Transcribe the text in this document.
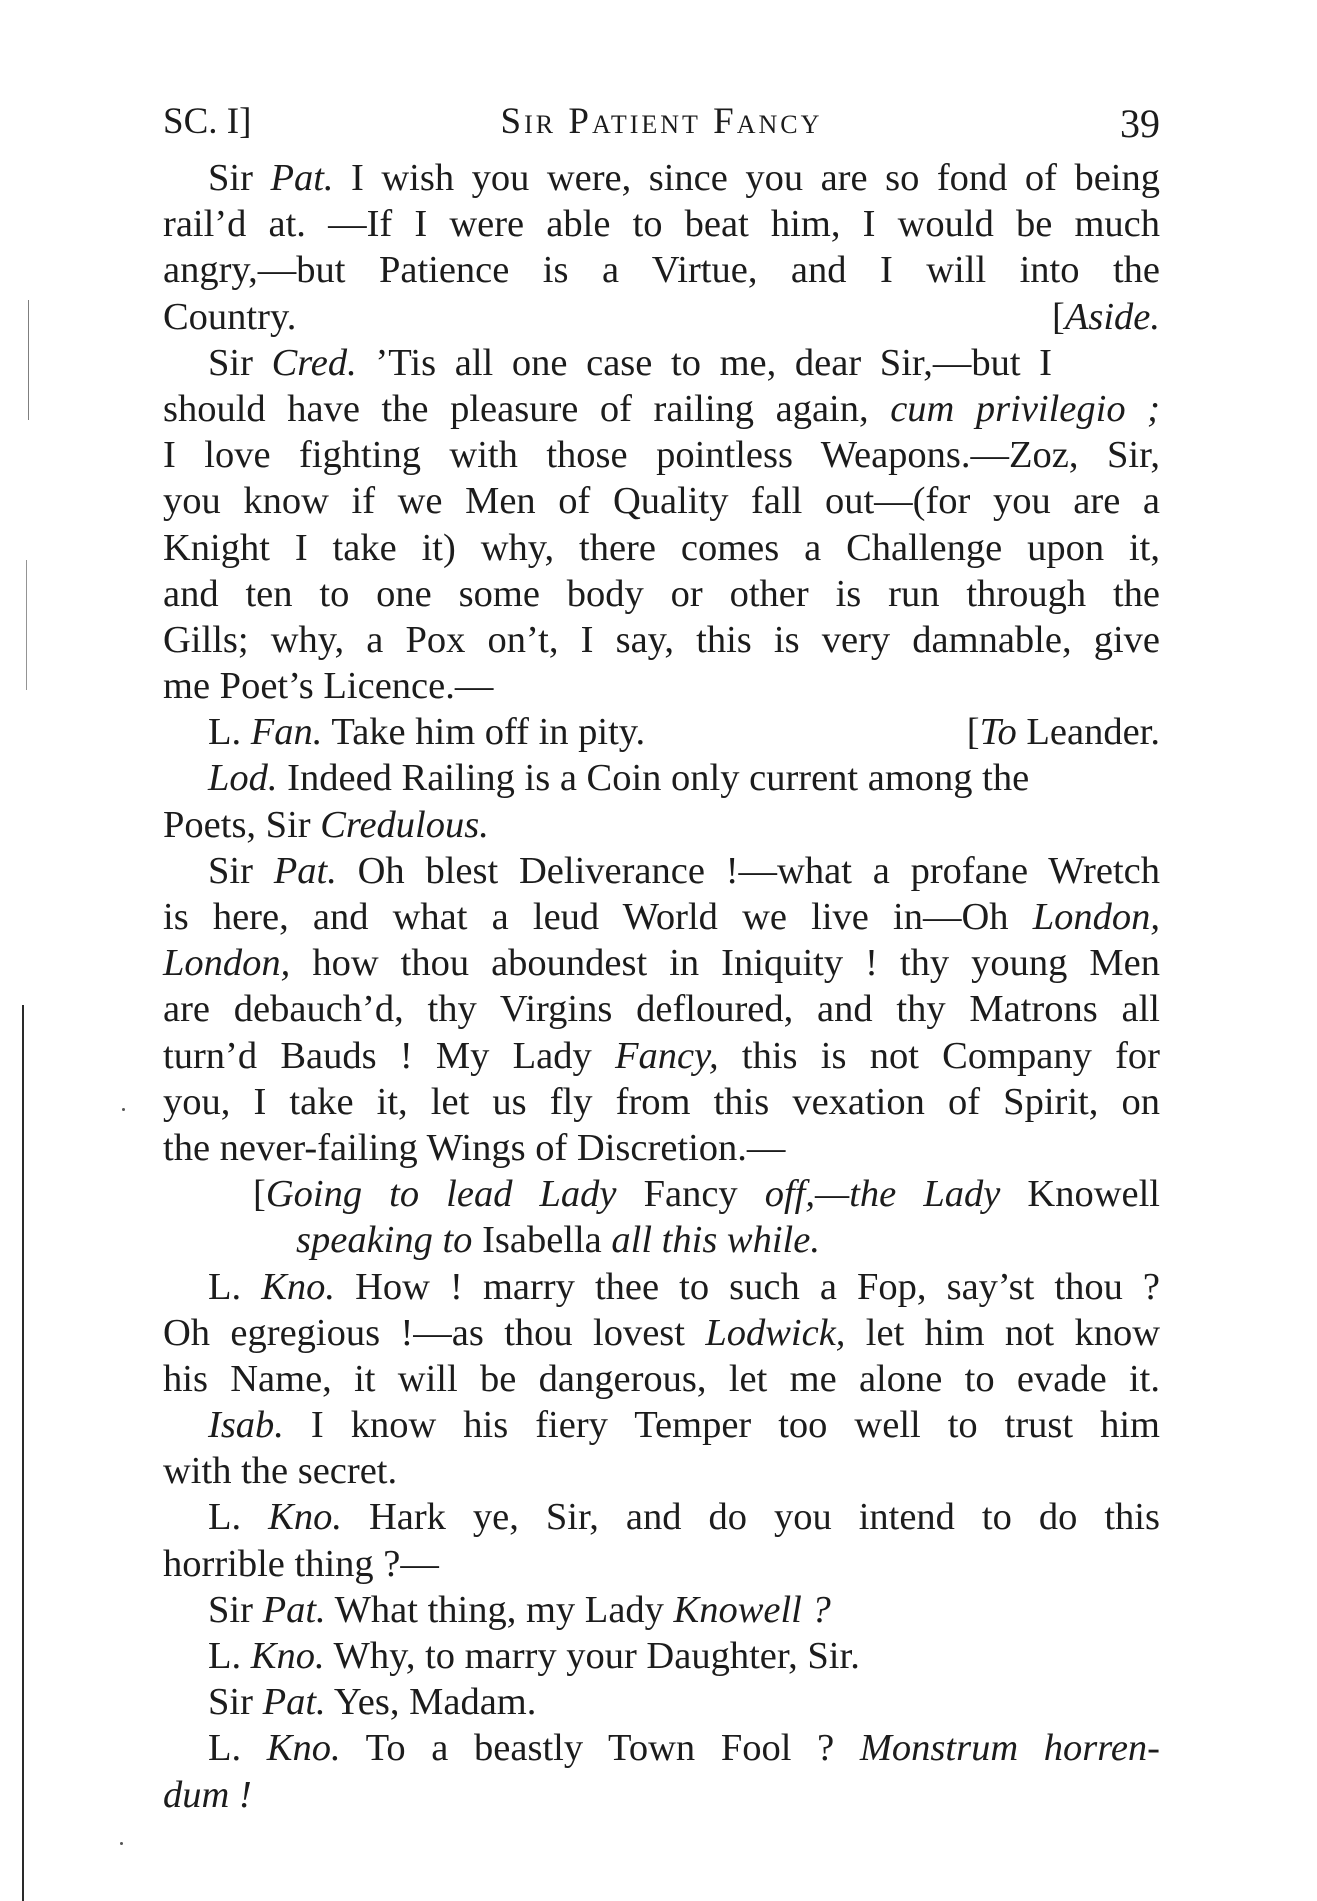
SC. I]	Sir Patient Fancy	39
Sir Pat. I wish you were, since you are so fond of being
rail’d at. —If I were able to beat him, I would be much
angry,—but Patience is a Virtue, and I will into the
[Aside.
Country.
Sir Cred. ’Tis all one case to me, dear Sir,—but I
should have the pleasure of railing again, cum privilegio ;
I love fighting with those pointless Weapons.—Zoz, Sir,
you know if we Men of Quality fall out—(for you are a
Knight I take it) why, there comes a Challenge upon it,
and ten to one some body or other is run through the
Gills; why, a Pox on’t, I say, this is very damnable, give
me Poet’s Licence.—
[To Leander.
L. Fan. Take him off in pity.
Lod. Indeed Railing is a Coin only current among the
Poets, Sir Credulous.
Sir Pat. Oh blest Deliverance !—what a profane Wretch
is here, and what a leud World we live in—Oh London,
London, how thou aboundest in Iniquity ! thy young Men
are debauch’d, thy Virgins defloured, and thy Matrons all
turn’d Bauds ! My Lady Fancy, this is not Company for
you, I take it, let us fly from this vexation of Spirit, on
the never-failing Wings of Discretion.—
[Going to lead Lady Fancy off,—the Lady Knowell
speaking to Isabella all this while.
L. Kno. How ! marry thee to such a Fop, say’st thou ?
Oh egregious !—as thou lovest Lodwick, let him not know
his Name, it will be dangerous, let me alone to evade it.
Isab. I know his fiery Temper too well to trust him
with the secret.
L. Kno. Hark ye, Sir, and do you intend to do this
horrible thing ?—
Sir Pat. What thing, my Lady Knowell ?
L. Kno. Why, to marry your Daughter, Sir.
Sir Pat. Yes, Madam.
L. Kno. To a beastly Town Fool ? Monstrum horren-
dum !
